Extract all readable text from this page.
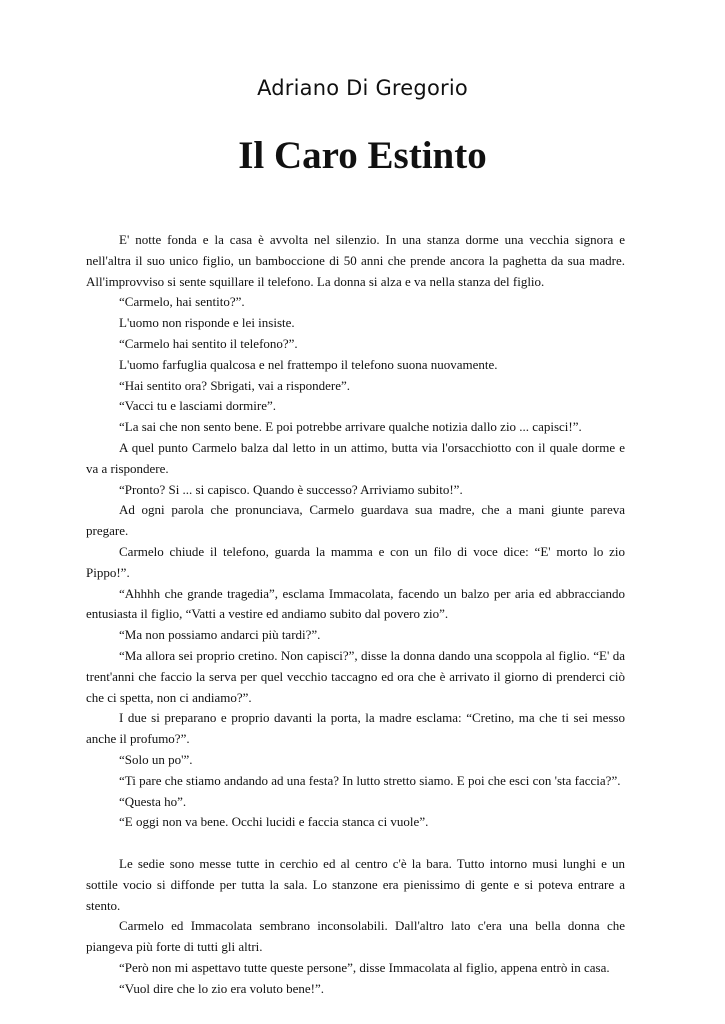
Adriano Di Gregorio
Il Caro Estinto

E' notte fonda e la casa è avvolta nel silenzio. In una stanza dorme una vecchia signora e nell'altra il suo unico figlio, un bamboccione di 50 anni che prende ancora la paghetta da sua madre. All'improvviso si sente squillare il telefono. La donna si alza e va nella stanza del figlio.

“Carmelo, hai sentito?”.

L'uomo non risponde e lei insiste.

“Carmelo hai sentito il telefono?”.

L'uomo farfuglia qualcosa e nel frattempo il telefono suona nuovamente.

“Hai sentito ora? Sbrigati, vai a rispondere”.

“Vacci tu e lasciami dormire”.

“La sai che non sento bene. E poi potrebbe arrivare qualche notizia dallo zio ... capisci!”.

A quel punto Carmelo balza dal letto in un attimo, butta via l'orsacchiotto con il quale dorme e va a rispondere.

“Pronto? Si ... si capisco. Quando è successo? Arriviamo subito!”.

Ad ogni parola che pronunciava, Carmelo guardava sua madre, che a mani giunte pareva pregare.

Carmelo chiude il telefono, guarda la mamma e con un filo di voce dice: “E' morto lo zio Pippo!”.

“Ahhhh che grande tragedia”, esclama Immacolata, facendo un balzo per aria ed abbracciando entusiasta il figlio, “Vatti a vestire ed andiamo subito dal povero zio”.

“Ma non possiamo andarci più tardi?”.

“Ma allora sei proprio cretino. Non capisci?”, disse la donna dando una scoppola al figlio. “E' da trent'anni che faccio la serva per quel vecchio taccagno ed ora che è arrivato il giorno di prenderci ciò che ci spetta, non ci andiamo?”.

I due si preparano e proprio davanti la porta, la madre esclama: “Cretino, ma che ti sei messo anche il profumo?”.

“Solo un po'”.

“Ti pare che stiamo andando ad una festa? In lutto stretto siamo. E poi che esci con 'sta faccia?”.

“Questa ho”.

“E oggi non va bene. Occhi lucidi e faccia stanca ci vuole”.

Le sedie sono messe tutte in cerchio ed al centro c'è la bara. Tutto intorno musi lunghi e un sottile vocio si diffonde per tutta la sala. Lo stanzone era pienissimo di gente e si poteva entrare a stento.

Carmelo ed Immacolata sembrano inconsolabili. Dall'altro lato c'era una bella donna che piangeva più forte di tutti gli altri.

“Però non mi aspettavo tutte queste persone”, disse Immacolata al figlio, appena entrò in casa.

“Vuol dire che lo zio era voluto bene!”.
